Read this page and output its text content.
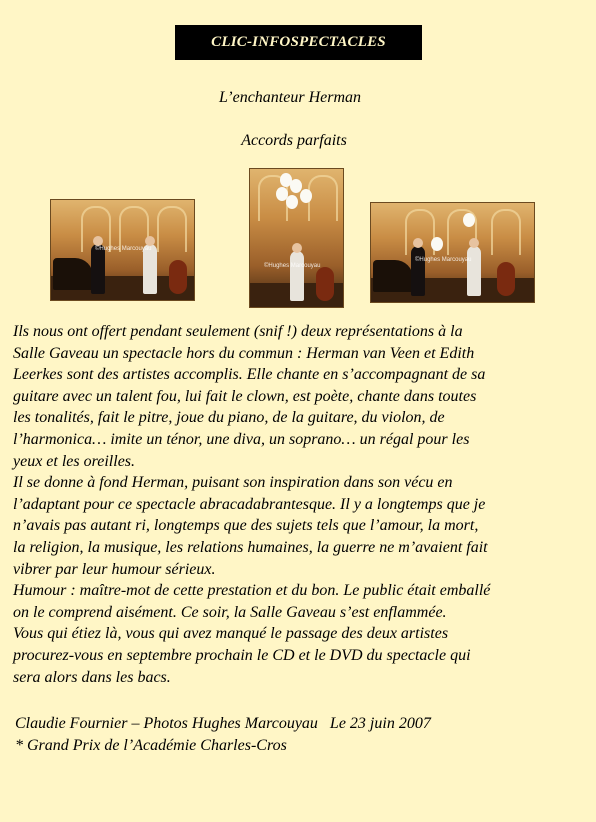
CLIC-INFOSPECTACLES
L’enchanteur Herman
Accords parfaits
©Hughes Marcouyau
©Hughes Marcouyau
©Hughes Marcouyau

Ils nous ont offert pendant seulement (snif !) deux représentations à la

Salle Gaveau un spectacle hors du commun : Herman van Veen et Edith

Leerkes sont des artistes accomplis. Elle chante en s’accompagnant de sa

guitare avec un talent fou, lui fait le clown, est poète, chante dans toutes

les tonalités, fait le pitre, joue du piano, de la guitare, du violon, de

l’harmonica… imite un ténor, une diva, un soprano… un régal pour les

yeux et les oreilles.

Il se donne à fond Herman, puisant son inspiration dans son vécu en

l’adaptant pour ce spectacle abracadabrantesque. Il y a longtemps que je

n’avais pas autant ri, longtemps que des sujets tels que l’amour, la mort,

la religion, la musique, les relations humaines, la guerre ne m’avaient fait

vibrer par leur humour sérieux.

Humour : maître-mot de cette prestation et du bon. Le public était emballé

on le comprend aisément. Ce soir, la Salle Gaveau s’est enflammée.

Vous qui étiez là, vous qui avez manqué le passage des deux artistes

procurez-vous en septembre prochain le CD et le DVD du spectacle qui

sera alors dans les bacs.

Claudie Fournier – Photos Hughes Marcouyau   Le 23 juin 2007

* Grand Prix de l’Académie Charles-Cros
